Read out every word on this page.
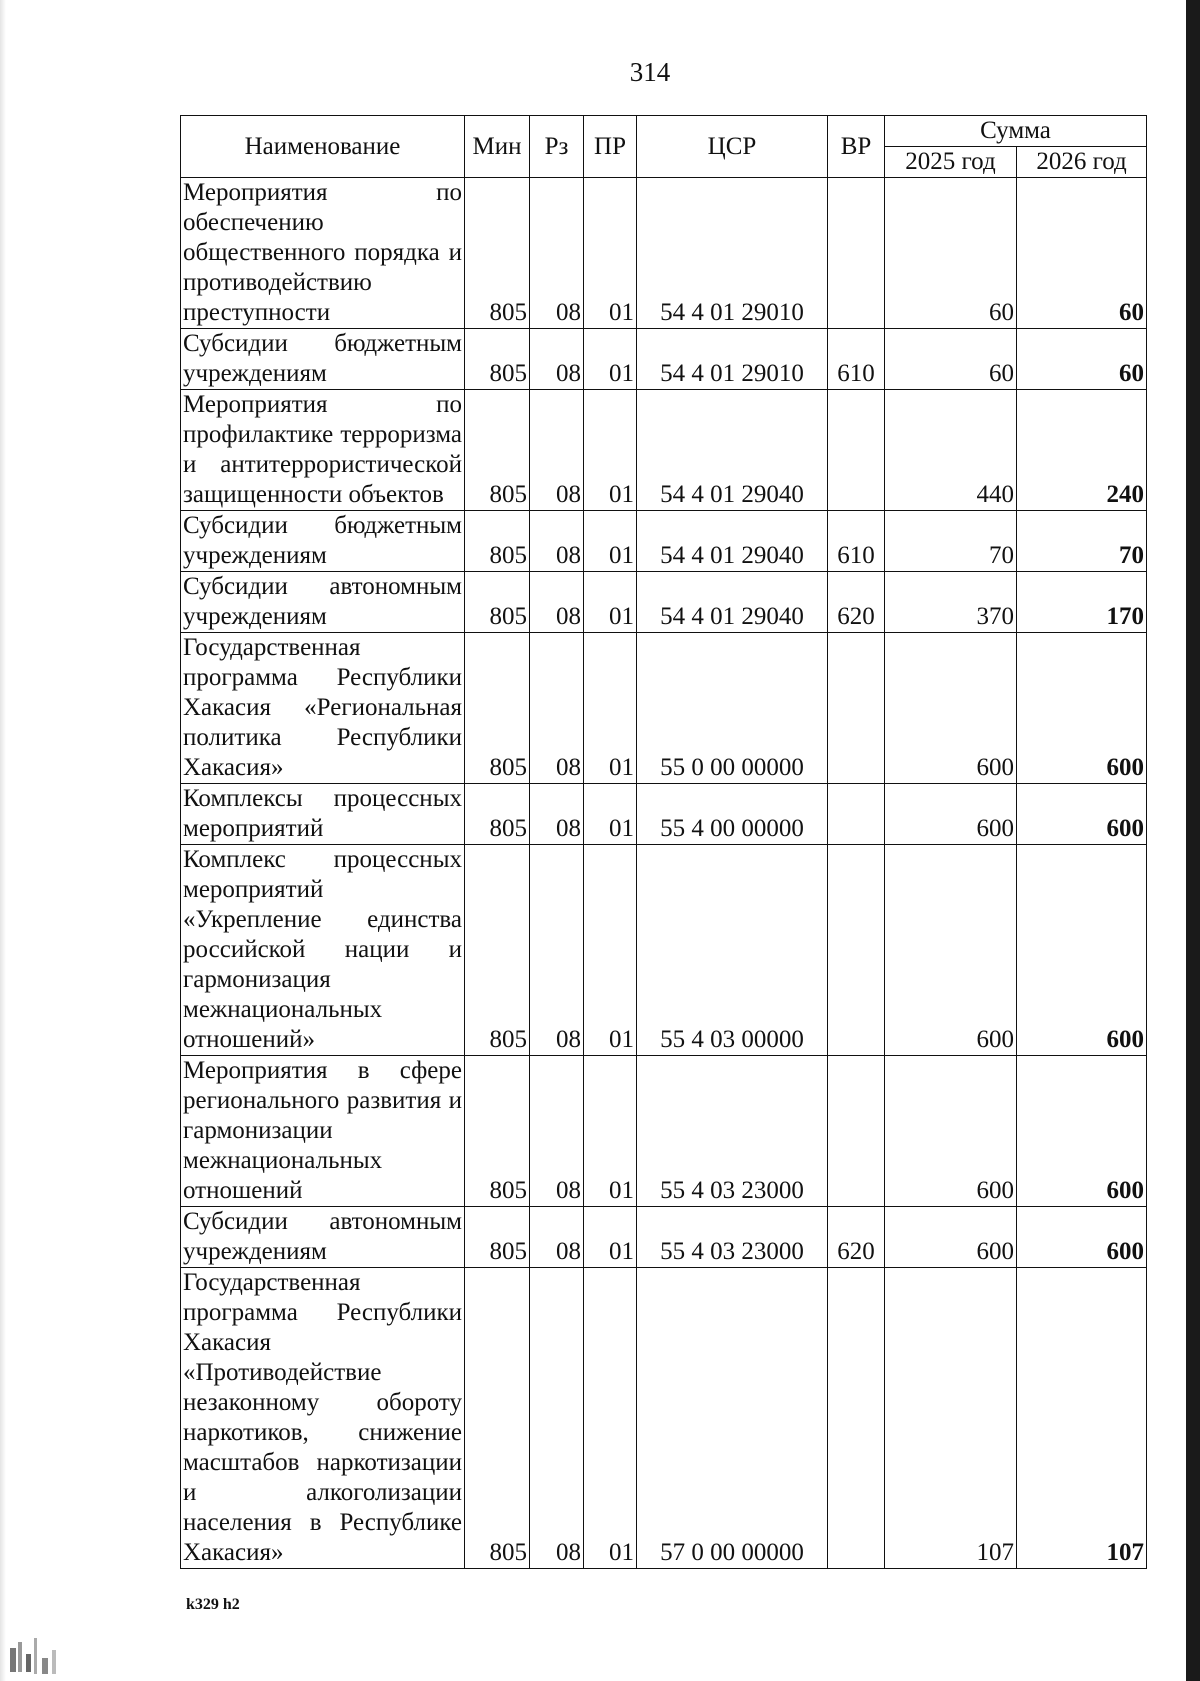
314
Наименование	Мин	Рз	ПР	ЦСР	ВР	Сумма	
						2025 год	2026 год
Мероприятия по обеспечению общественного порядка и противодействию преступности	805	08	01	54 4 01 29010		60	60
Субсидии бюджетным учреждениям	805	08	01	54 4 01 29010	610	60	60
Мероприятия по профилактике терроризма и антитеррористической защищенности объектов	805	08	01	54 4 01 29040		440	240
Субсидии бюджетным учреждениям	805	08	01	54 4 01 29040	610	70	70
Субсидии автономным учреждениям	805	08	01	54 4 01 29040	620	370	170
Государственная программа Республики Хакасия «Региональная политика Республики Хакасия»	805	08	01	55 0 00 00000		600	600
Комплексы процессных мероприятий	805	08	01	55 4 00 00000		600	600
Комплекс процессных мероприятий «Укрепление единства российской нации и гармонизация межнациональных отношений»	805	08	01	55 4 03 00000		600	600
Мероприятия в сфере регионального развития и гармонизации межнациональных отношений	805	08	01	55 4 03 23000		600	600
Субсидии автономным учреждениям	805	08	01	55 4 03 23000	620	600	600
Государственная программа Республики Хакасия «Противодействие незаконному обороту наркотиков, снижение масштабов наркотизации и алкоголизации населения в Республике Хакасия»	805	08	01	57 0 00 00000		107	107
k329 h2
